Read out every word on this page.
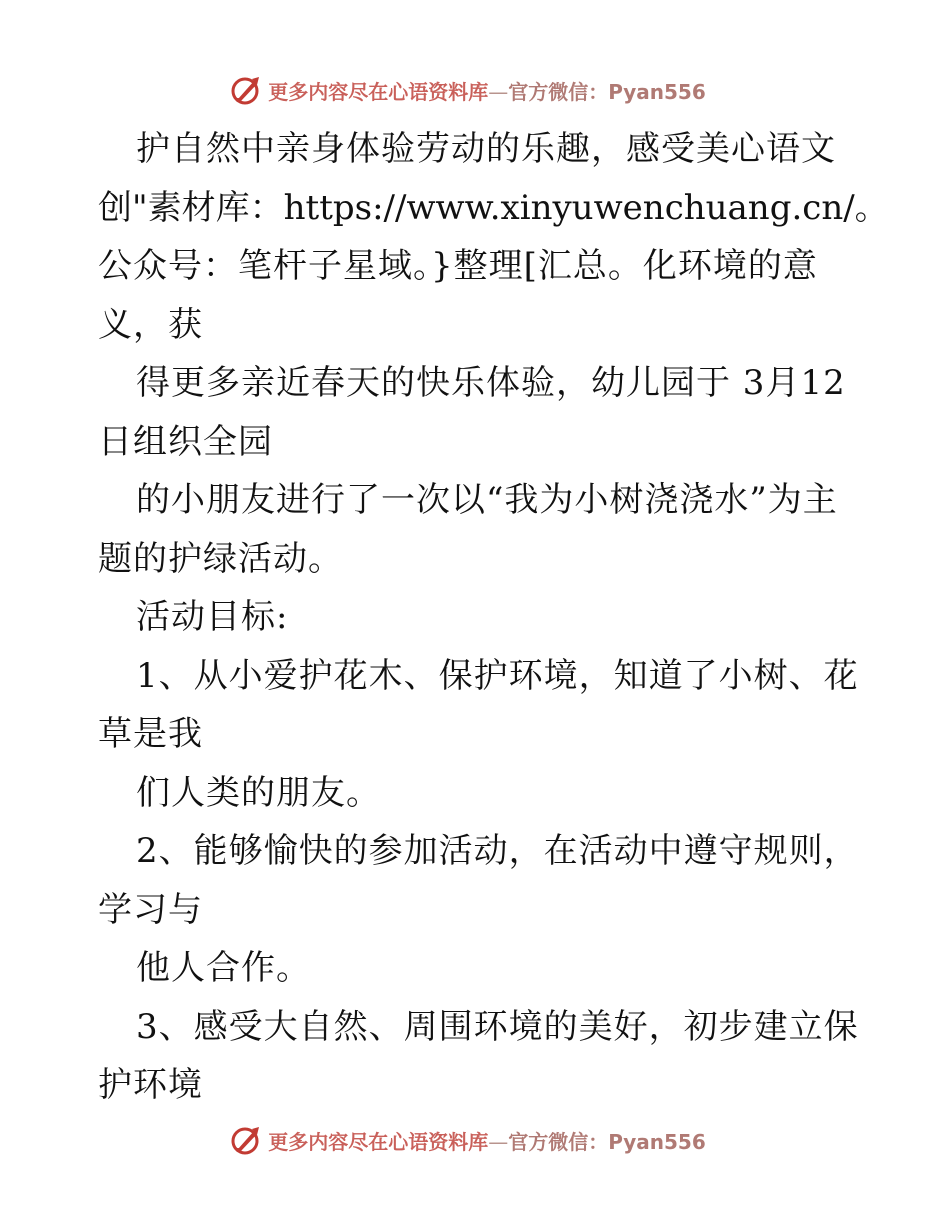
更多内容尽在心语资料库—官方微信：Pyan556
护自然中亲身体验劳动的乐趣，感受美心语文
创"素材库：https://www.xinyuwenchuang.cn/。
公众号：笔杆子星域。}整理[汇总。化环境的意
义，获
得更多亲近春天的快乐体验，幼儿园于 3月12
日组织全园
的小朋友进行了一次以“我为小树浇浇水”为主
题的护绿活动。
活动目标:
1、从小爱护花木、保护环境，知道了小树、花
草是我
们人类的朋友。
2、能够愉快的参加活动，在活动中遵守规则，
学习与
他人合作。
3、感受大自然、周围环境的美好，初步建立保
护环境
更多内容尽在心语资料库—官方微信：Pyan556
